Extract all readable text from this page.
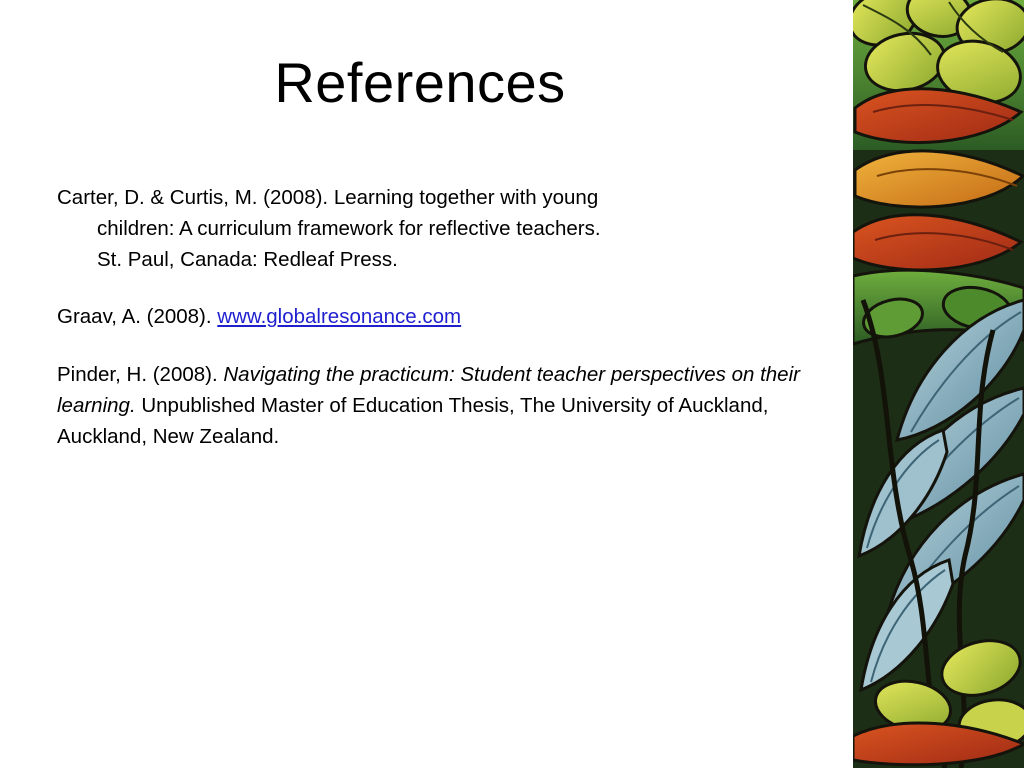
References

Carter, D. & Curtis, M. (2008). Learning together with young

children: A curriculum framework for reflective teachers.

St. Paul, Canada: Redleaf Press.

Graav, A. (2008). www.globalresonance.com

Pinder, H. (2008). Navigating the practicum: Student teacher perspectives on their learning. Unpublished Master of Education Thesis, The University of Auckland, Auckland, New Zealand.
